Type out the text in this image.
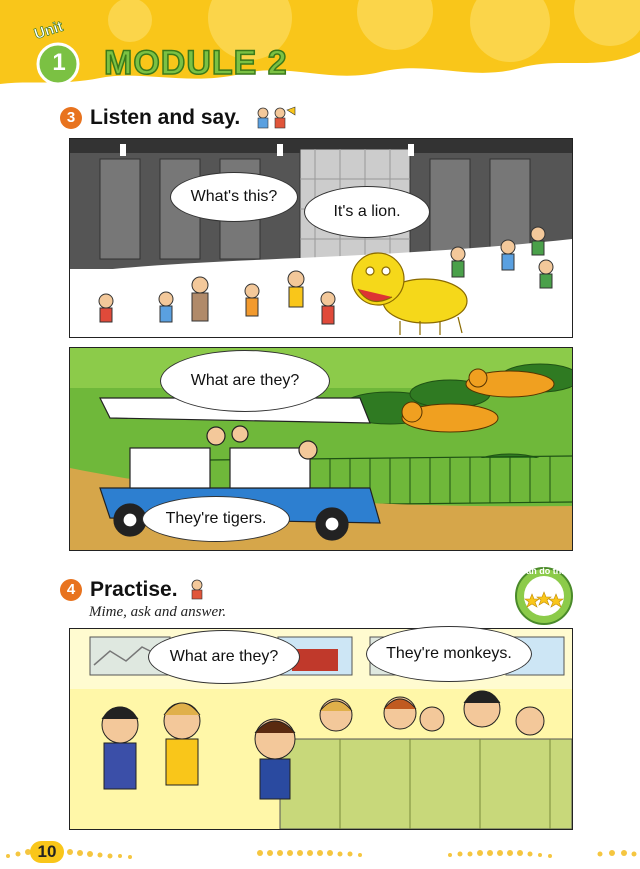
Unit
1 MODULE 2
3 Listen and say.
What's this?
It's a lion.
What are they?
They're tigers.
4 Practise.
Mime, ask and answer.
I can do this!
What are they?	They're monkeys.
10
